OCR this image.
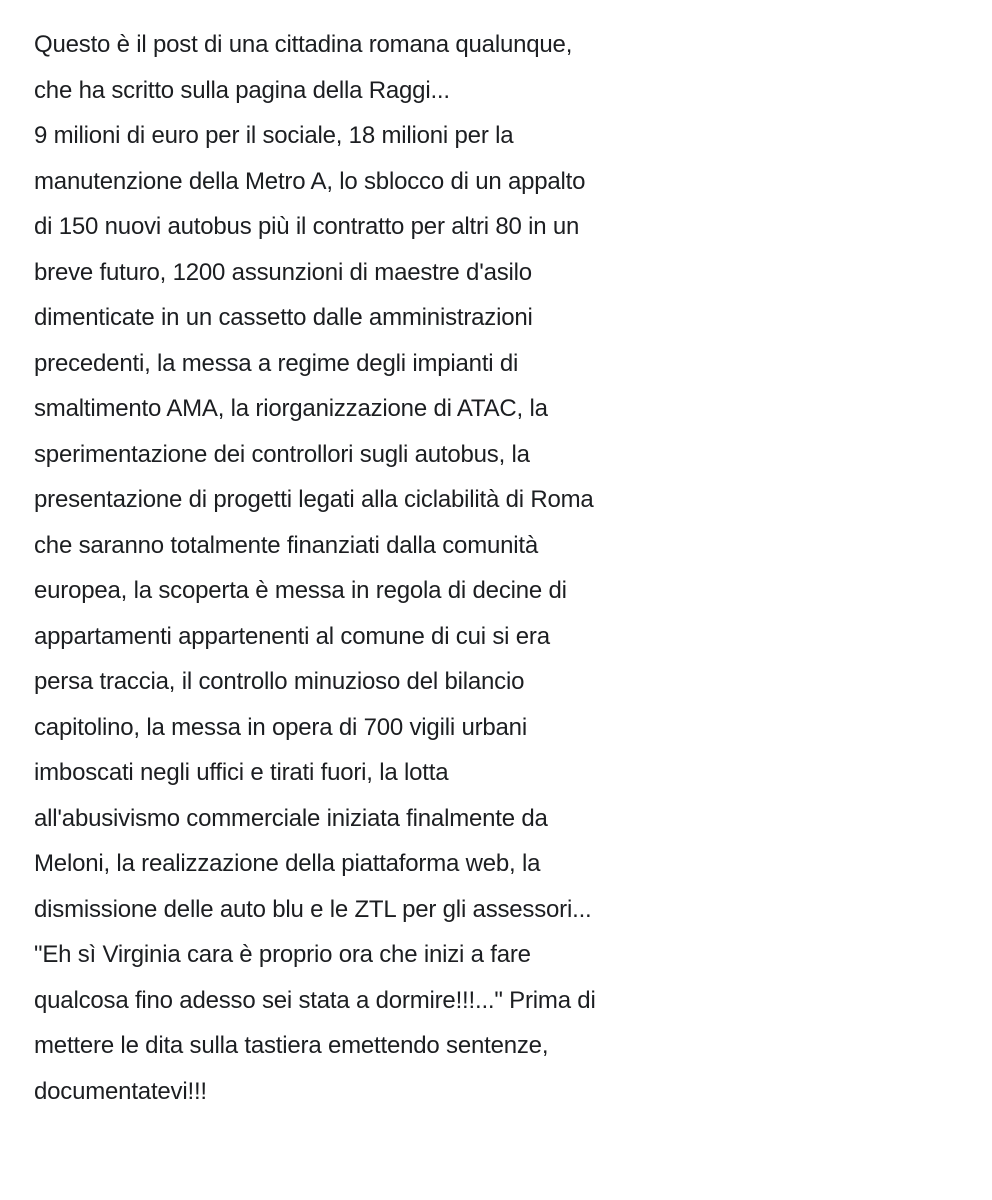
Questo è il post di una cittadina romana qualunque,
che ha scritto sulla pagina della Raggi...
9 milioni di euro per il sociale, 18 milioni per la
manutenzione della Metro A, lo sblocco di un appalto
di 150 nuovi autobus più il contratto per altri 80 in un
breve futuro, 1200 assunzioni di maestre d'asilo
dimenticate in un cassetto dalle amministrazioni
precedenti, la messa a regime degli impianti di
smaltimento AMA, la riorganizzazione di ATAC, la
sperimentazione dei controllori sugli autobus, la
presentazione di progetti legati alla ciclabilità di Roma
che saranno totalmente finanziati dalla comunità
europea, la scoperta è messa in regola di decine di
appartamenti appartenenti al comune di cui si era
persa traccia, il controllo minuzioso del bilancio
capitolino, la messa in opera di 700 vigili urbani
imboscati negli uffici e tirati fuori, la lotta
all'abusivismo commerciale iniziata finalmente da
Meloni, la realizzazione della piattaforma web, la
dismissione delle auto blu e le ZTL per gli assessori...
"Eh sì Virginia cara è proprio ora che inizi a fare
qualcosa fino adesso sei stata a dormire!!!..." Prima di
mettere le dita sulla tastiera emettendo sentenze,
documentatevi!!!
